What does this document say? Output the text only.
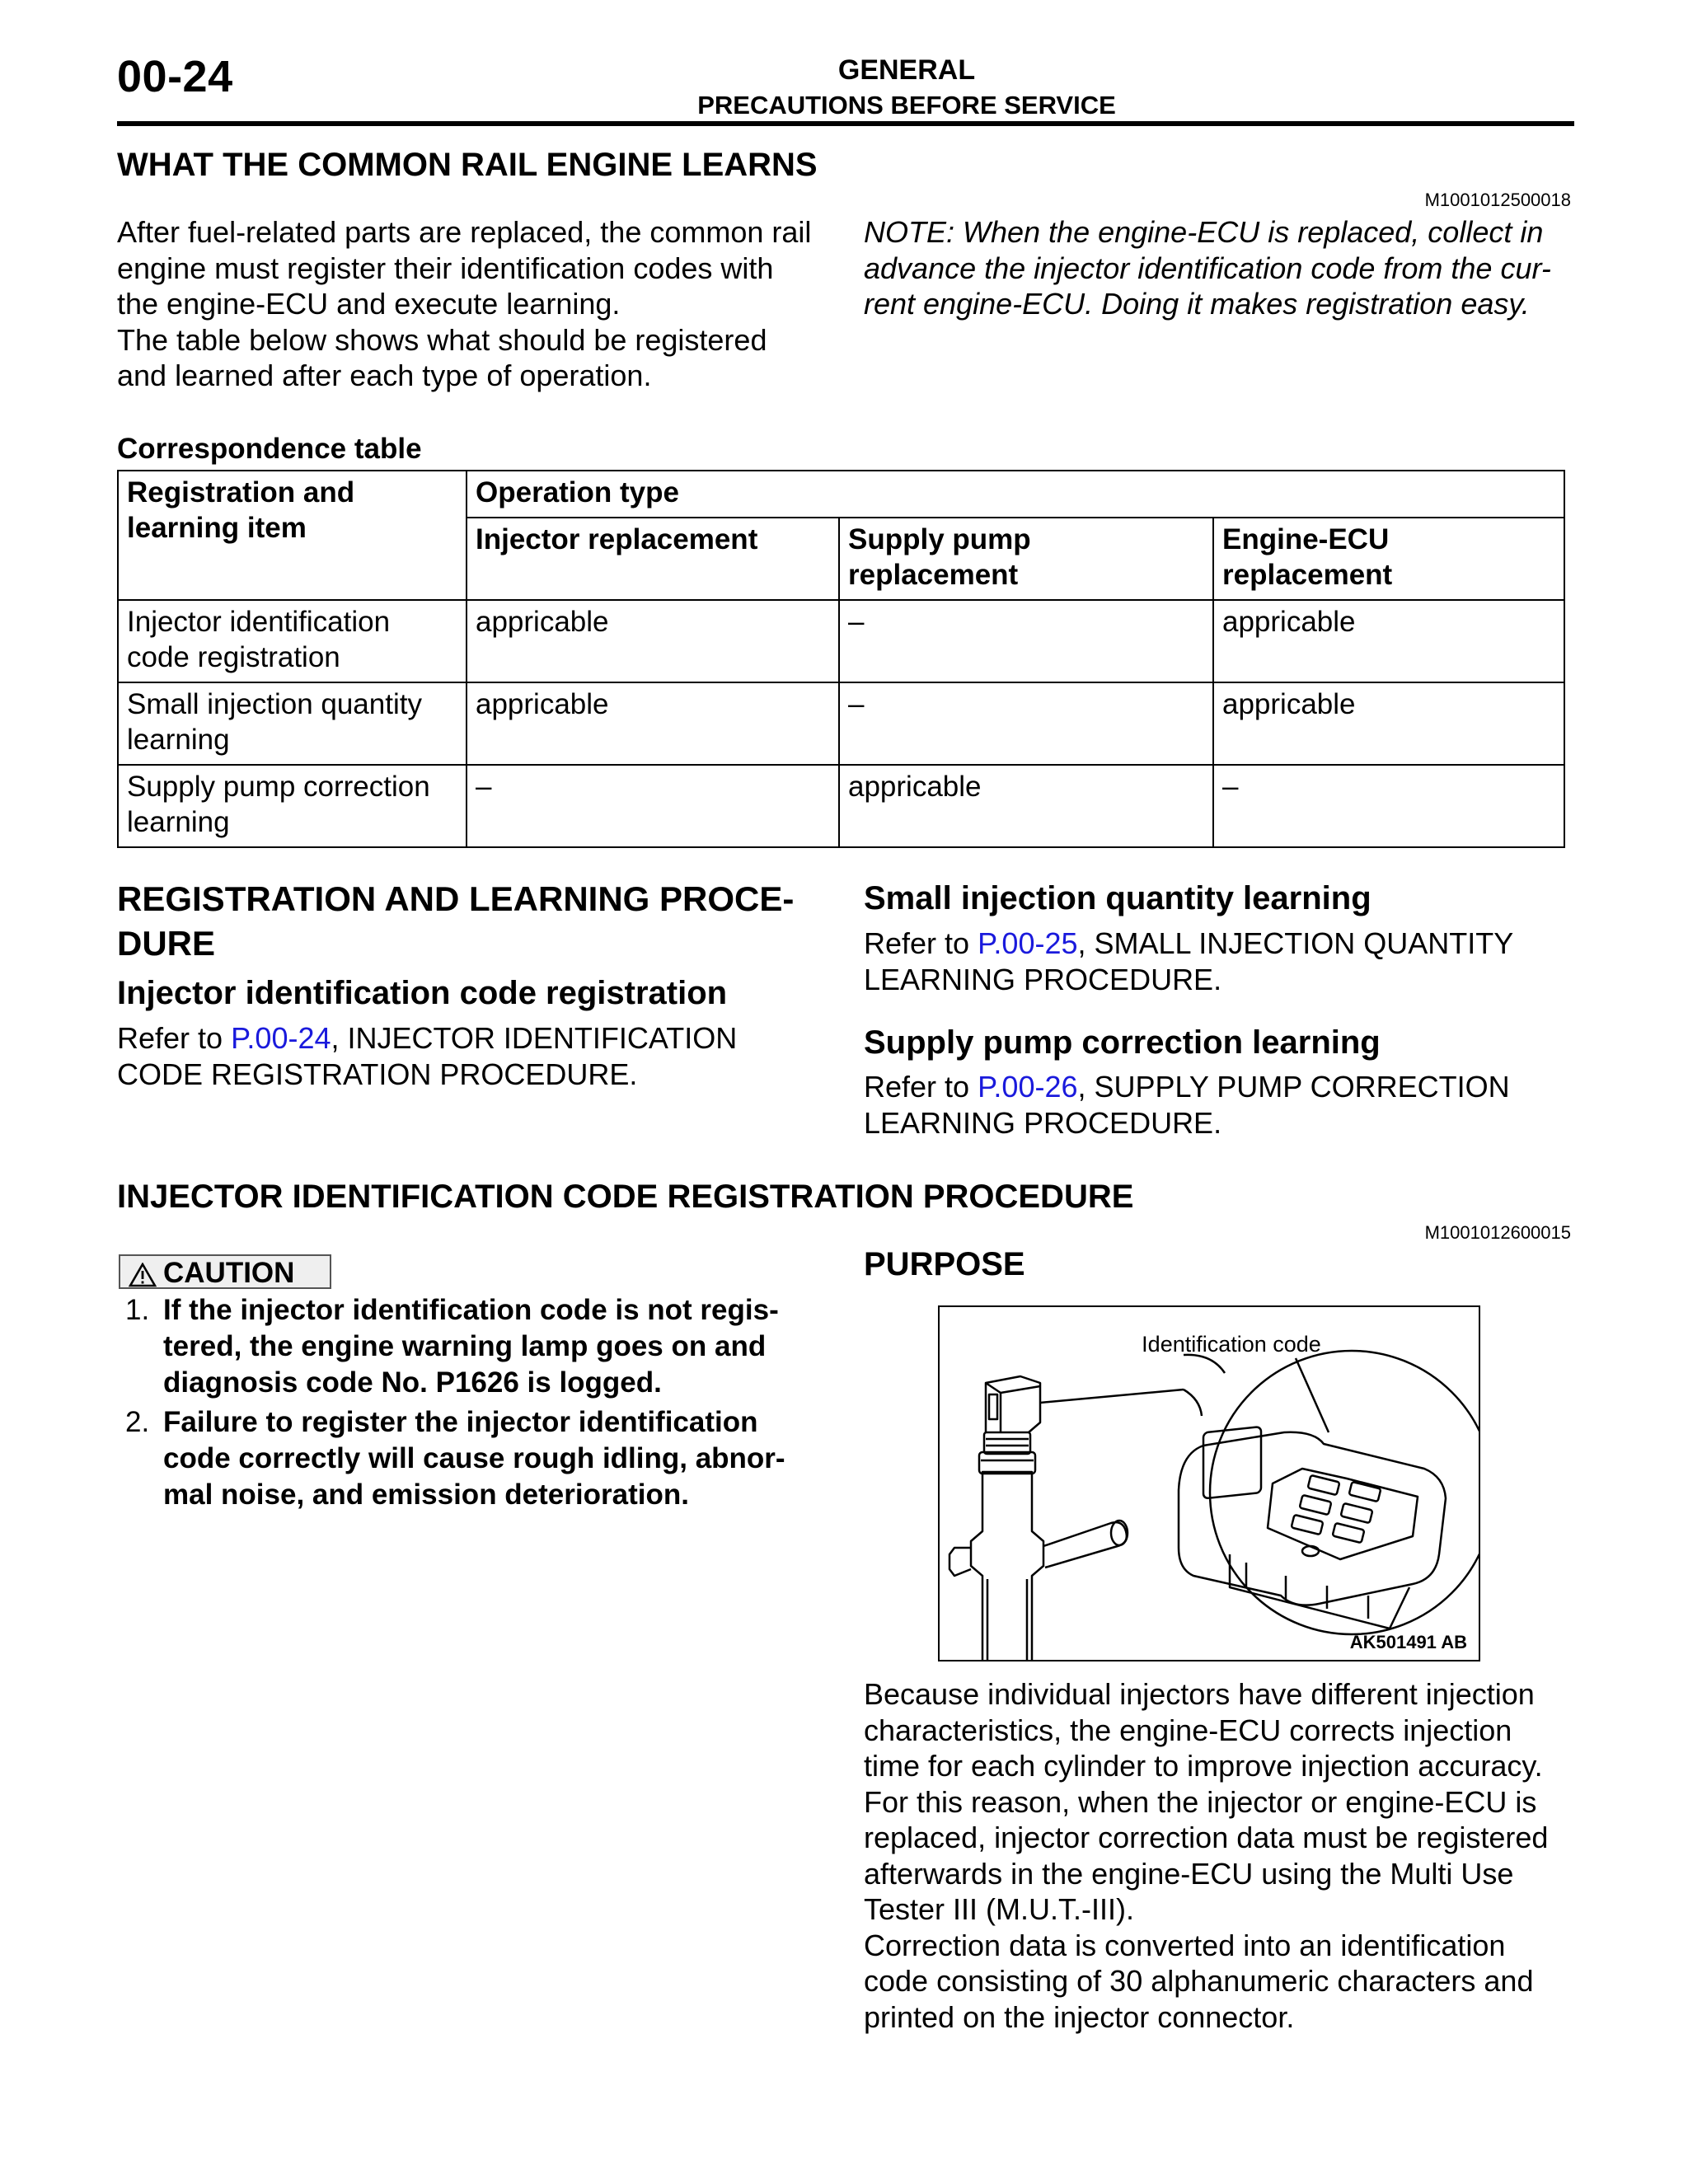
00-24	GENERAL
PRECAUTIONS BEFORE SERVICE
WHAT THE COMMON RAIL ENGINE LEARNS
M1001012500018
After fuel-related parts are replaced, the common rail
engine must register their identification codes with
the engine-ECU and execute learning.
The table below shows what should be registered
and learned after each type of operation.
NOTE: When the engine-ECU is replaced, collect in
advance the injector identification code from the cur-
rent engine-ECU. Doing it makes registration easy.
Correspondence table
Registration and learning item	Operation type		
	Injector replacement	Supply pump replacement	Engine-ECU replacement
Injector identification code registration	appricable	–	appricable
Small injection quantity learning	appricable	–	appricable
Supply pump correction learning	–	appricable	–
REGISTRATION AND LEARNING PROCE-
DURE
Injector identification code registration
Refer to P.00-24, INJECTOR IDENTIFICATION
CODE REGISTRATION PROCEDURE.
Small injection quantity learning
Refer to P.00-25, SMALL INJECTION QUANTITY
LEARNING PROCEDURE.
Supply pump correction learning
Refer to P.00-26, SUPPLY PUMP CORRECTION
LEARNING PROCEDURE.
INJECTOR IDENTIFICATION CODE REGISTRATION PROCEDURE
M1001012600015
CAUTION
1. If the injector identification code is not regis-
tered, the engine warning lamp goes on and
diagnosis code No. P1626 is logged.
2. Failure to register the injector identification
code correctly will cause rough idling, abnor-
mal noise, and emission deterioration.
PURPOSE
Identification code
AK501491 AB
Because individual injectors have different injection
characteristics, the engine-ECU corrects injection
time for each cylinder to improve injection accuracy.
For this reason, when the injector or engine-ECU is
replaced, injector correction data must be registered
afterwards in the engine-ECU using the Multi Use
Tester III (M.U.T.-III).
Correction data is converted into an identification
code consisting of 30 alphanumeric characters and
printed on the injector connector.
